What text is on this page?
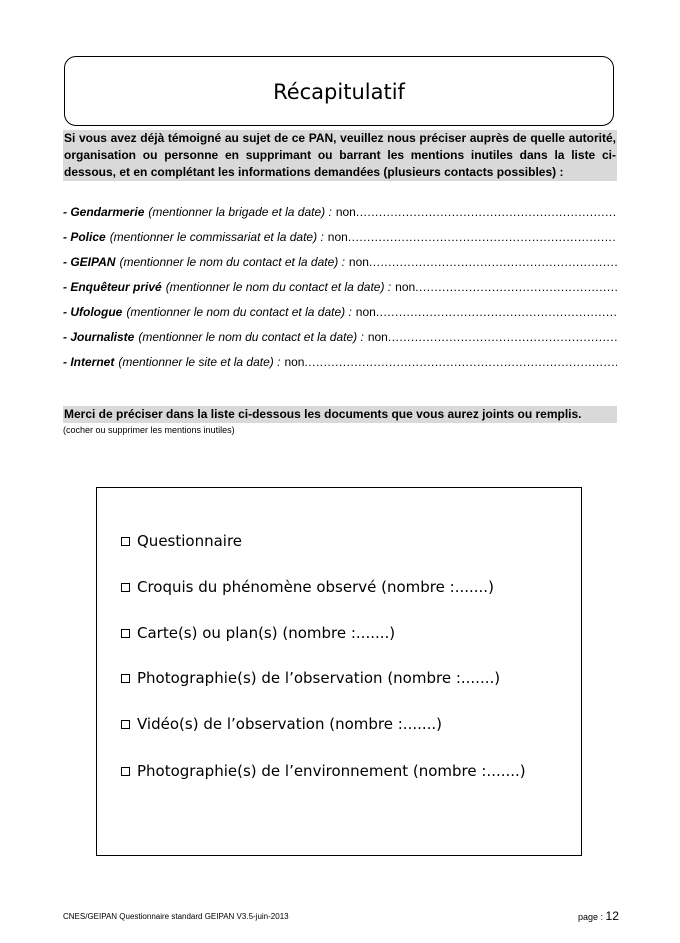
Récapitulatif
Si vous avez déjà témoigné au sujet de ce PAN, veuillez nous préciser auprès de quelle autorité, organisation ou personne en supprimant ou barrant les mentions inutiles dans la liste ci-dessous, et en complétant les informations demandées (plusieurs contacts possibles) :
- Gendarmerie (mentionner la brigade et la date) : non
.....
- Police (mentionner le commissariat et la date) : non
.....
- GEIPAN (mentionner le nom du contact et la date) : non
.....
- Enquêteur privé (mentionner le nom du contact et la date) : non
.....
- Ufologue (mentionner le nom du contact et la date) : non
.....
- Journaliste (mentionner le nom du contact et la date) : non
.....
- Internet (mentionner le site et la date) : non
.....
Merci de préciser dans la liste ci-dessous les documents que vous aurez joints ou remplis.
(cocher ou supprimer les mentions inutiles)
Questionnaire
Croquis du phénomène observé (nombre :.......)
Carte(s) ou plan(s) (nombre :.......)
Photographie(s) de l’observation (nombre :.......)
Vidéo(s) de l’observation (nombre :.......)
Photographie(s) de l’environnement (nombre :.......)
CNES/GEIPAN Questionnaire standard GEIPAN V3.5-juin-2013	page : 12
